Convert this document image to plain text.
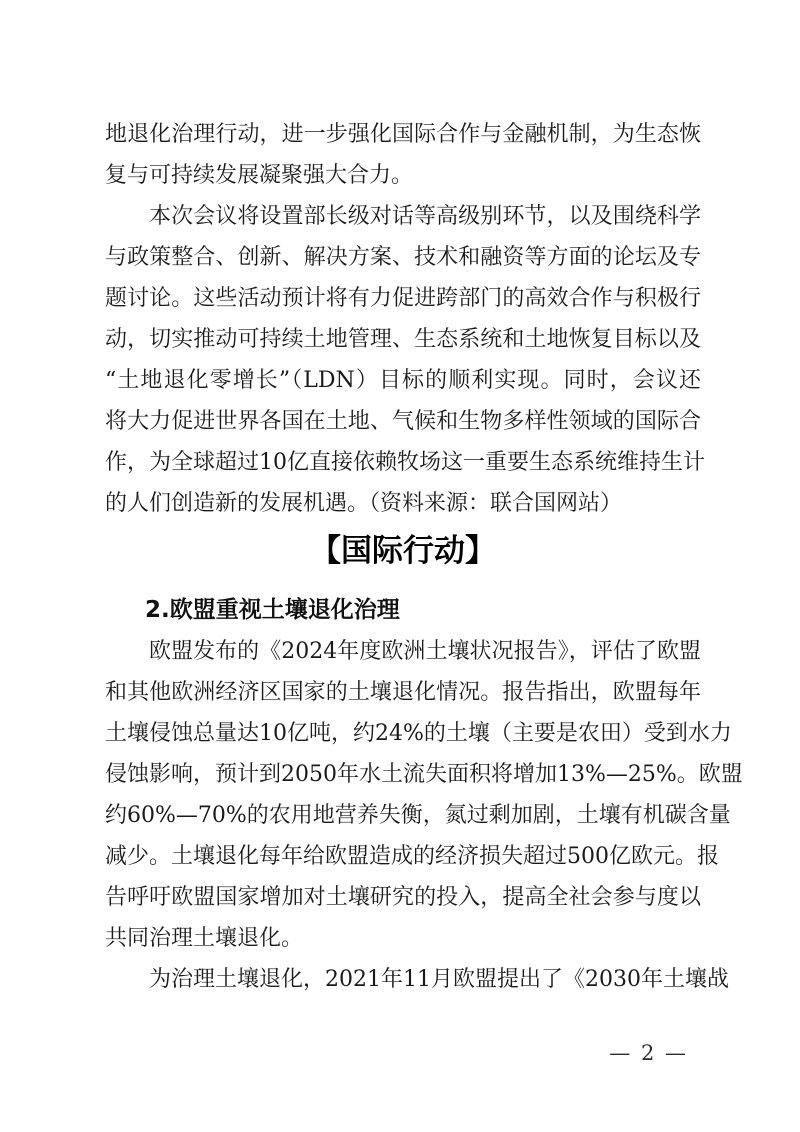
地退化治理行动，进一步强化国际合作与金融机制，为生态恢
复与可持续发展凝聚强大合力。
本次会议将设置部长级对话等高级别环节，以及围绕科学
与政策整合、创新、解决方案、技术和融资等方面的论坛及专
题讨论。这些活动预计将有力促进跨部门的高效合作与积极行
动，切实推动可持续土地管理、生态系统和土地恢复目标以及
“土地退化零增长”（LDN）目标的顺利实现。同时，会议还
将大力促进世界各国在土地、气候和生物多样性领域的国际合
作，为全球超过10亿直接依赖牧场这一重要生态系统维持生计
的人们创造新的发展机遇。（资料来源：联合国网站）
【国际行动】
2.欧盟重视土壤退化治理
欧盟发布的《2024年度欧洲土壤状况报告》，评估了欧盟
和其他欧洲经济区国家的土壤退化情况。报告指出，欧盟每年
土壤侵蚀总量达10亿吨，约24%的土壤（主要是农田）受到水力
侵蚀影响，预计到2050年水土流失面积将增加13%—25%。欧盟
约60%—70%的农用地营养失衡，氮过剩加剧，土壤有机碳含量
减少。土壤退化每年给欧盟造成的经济损失超过500亿欧元。报
告呼吁欧盟国家增加对土壤研究的投入，提高全社会参与度以
共同治理土壤退化。
为治理土壤退化，2021年11月欧盟提出了《2030年土壤战
— 2 —
